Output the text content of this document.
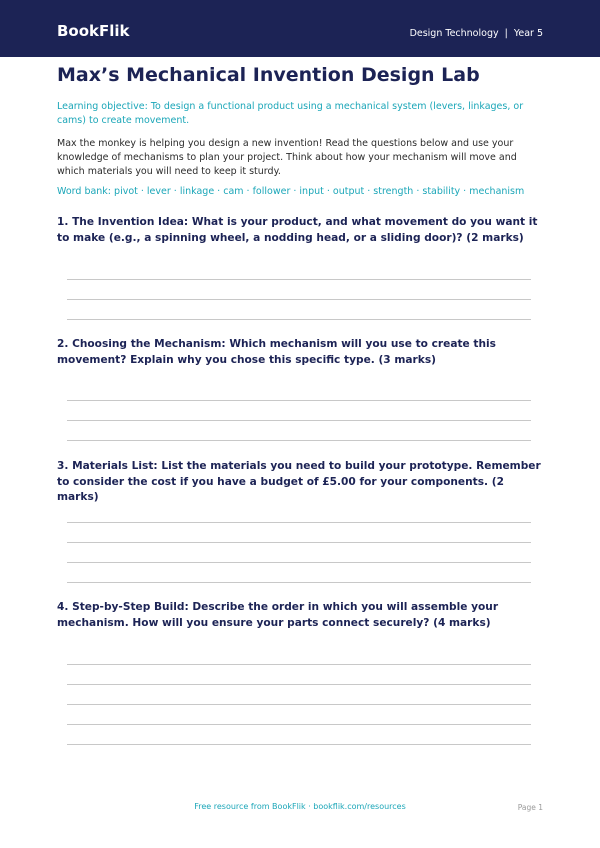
BookFlik	Design Technology | Year 5
Max’s Mechanical Invention Design Lab

Learning objective: To design a functional product using a mechanical system (levers, linkages, or cams) to create movement.

Max the monkey is helping you design a new invention! Read the questions below and use your knowledge of mechanisms to plan your project. Think about how your mechanism will move and which materials you will need to keep it sturdy.

Word bank: pivot · lever · linkage · cam · follower · input · output · strength · stability · mechanism

1. The Invention Idea: What is your product, and what movement do you want it to make (e.g., a spinning wheel, a nodding head, or a sliding door)? (2 marks)

2. Choosing the Mechanism: Which mechanism will you use to create this movement? Explain why you chose this specific type. (3 marks)

3. Materials List: List the materials you need to build your prototype. Remember to consider the cost if you have a budget of £5.00 for your components. (2 marks)

4. Step-by-Step Build: Describe the order in which you will assemble your mechanism. How will you ensure your parts connect securely? (4 marks)

Free resource from BookFlik · bookflik.com/resources	Page 1
